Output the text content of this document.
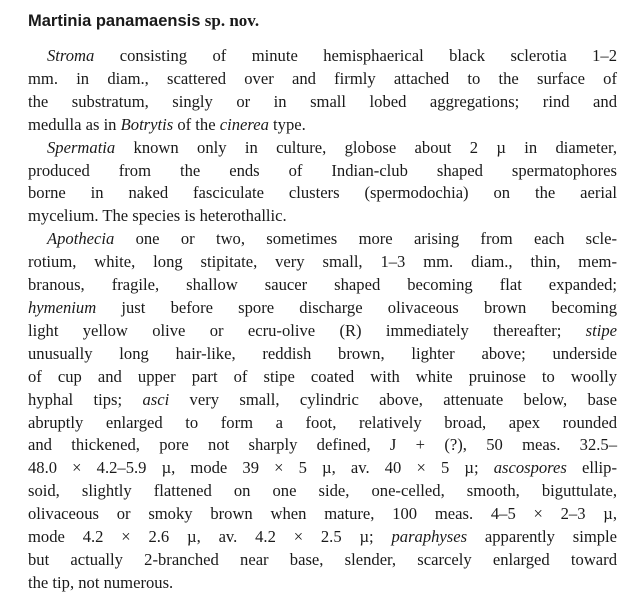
Martinia panamaensis sp. nov.

Stroma consisting of minute hemisphaerical black sclerotia 1–2
mm. in diam., scattered over and firmly attached to the surface of
the substratum, singly or in small lobed aggregations; rind and
medulla as in Botrytis of the cinerea type.

Spermatia known only in culture, globose about 2 µ in diameter,
produced from the ends of Indian-club shaped spermatophores
borne in naked fasciculate clusters (spermodochia) on the aerial
mycelium. The species is heterothallic.

Apothecia one or two, sometimes more arising from each scle-
rotium, white, long stipitate, very small, 1–3 mm. diam., thin, mem-
branous, fragile, shallow saucer shaped becoming flat expanded;
hymenium just before spore discharge olivaceous brown becoming
light yellow olive or ecru-olive (R) immediately thereafter; stipe
unusually long hair-like, reddish brown, lighter above; underside
of cup and upper part of stipe coated with white pruinose to woolly
hyphal tips; asci very small, cylindric above, attenuate below, base
abruptly enlarged to form a foot, relatively broad, apex rounded
and thickened, pore not sharply defined, J + (?), 50 meas. 32.5–
48.0 × 4.2–5.9 µ, mode 39 × 5 µ, av. 40 × 5 µ; ascospores ellip-
soid, slightly flattened on one side, one-celled, smooth, biguttulate,
olivaceous or smoky brown when mature, 100 meas. 4–5 × 2–3 µ,
mode 4.2 × 2.6 µ, av. 4.2 × 2.5 µ; paraphyses apparently simple
but actually 2-branched near base, slender, scarcely enlarged toward
the tip, not numerous.
